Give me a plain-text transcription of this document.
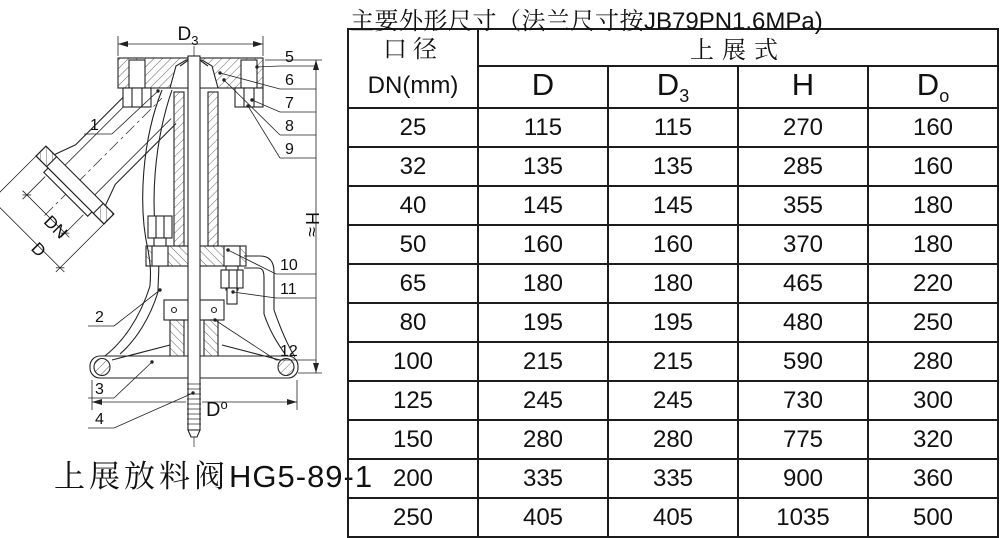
DN
D
1
2
3
4
5
6
7
8
9
10
11
12
$D_3$
H≈
$D^o$
上展放料阀HG5-89-1
主要外形尺寸（法兰尺寸按JB79PN1.6MPa)
口径
DN(mm)	上展式			
	D	$D_3$	H	$D_o$
25	115	115	270	160
32	135	135	285	160
40	145	145	355	180
50	160	160	370	180
65	180	180	465	220
80	195	195	480	250
100	215	215	590	280
125	245	245	730	300
150	280	280	775	320
200	335	335	900	360
250	405	405	1035	500
